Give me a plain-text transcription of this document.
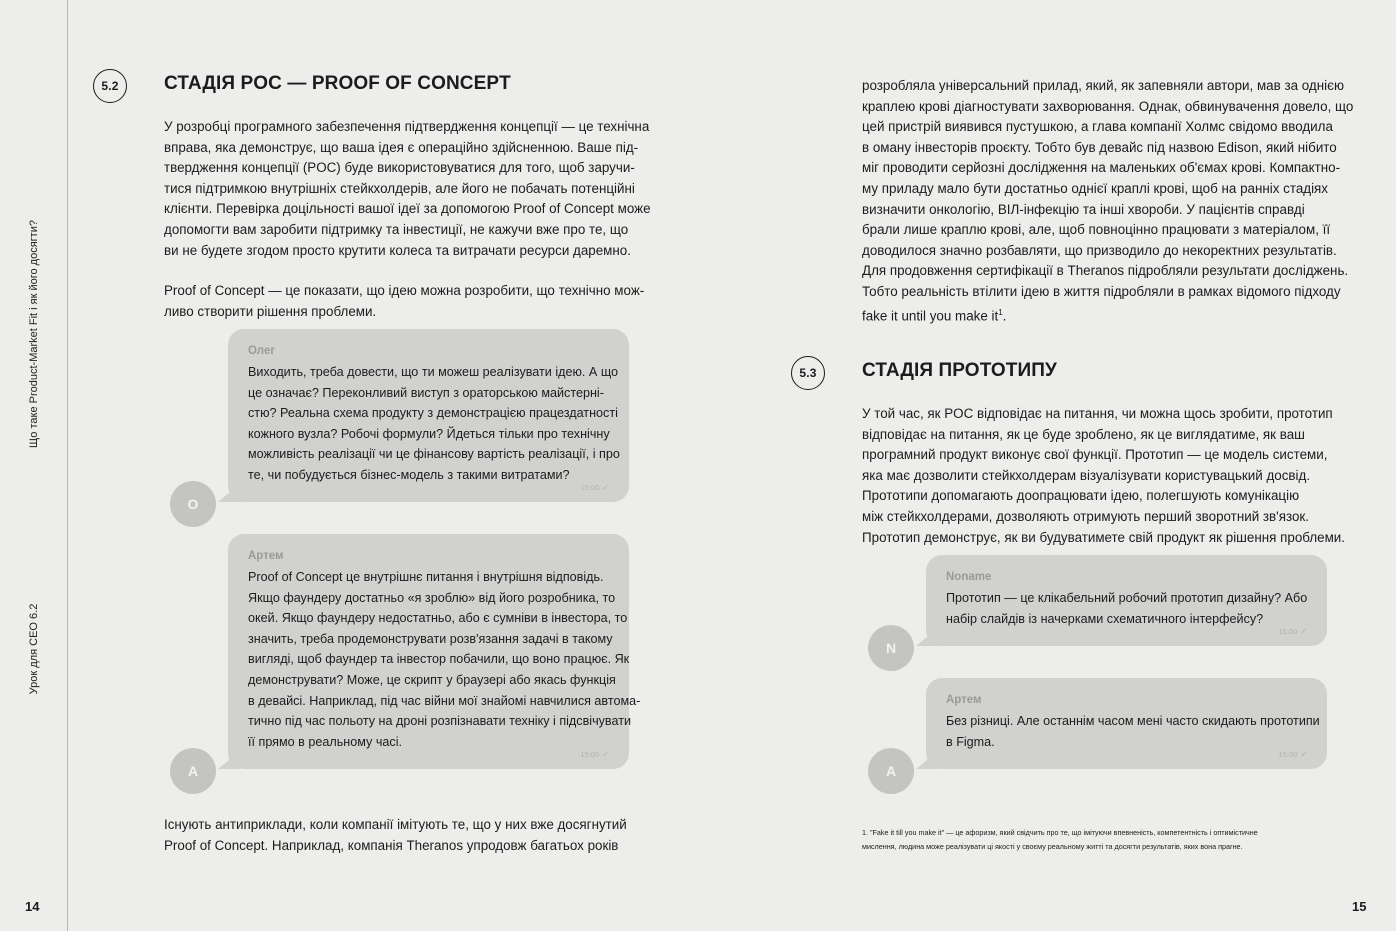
Що таке Product-Market Fit і як його досягти?
Урок для CEO 6.2
14	15
5.2	СТАДІЯ POC — PROOF OF CONCEPT
У розробці програмного забезпечення підтвердження концепції — це технічна
вправа, яка демонструє, що ваша ідея є операційно здійсненною. Ваше під-
твердження концепції (POC) буде використовуватися для того, щоб заручи-
тися підтримкою внутрішніх стейкхолдерів, але його не побачать потенційні
клієнти. Перевірка доцільності вашої ідеї за допомогою Proof of Concept може
допомогти вам заробити підтримку та інвестиції, не кажучи вже про те, що
ви не будете згодом просто крутити колеса та витрачати ресурси даремно.
Proof of Concept — це показати, що ідею можна розробити, що технічно мож-
ливо створити рішення проблеми.
Олег
Виходить, треба довести, що ти можеш реалізувати ідею. А що
це означає? Переконливий виступ з ораторською майстерні-
стю? Реальна схема продукту з демонстрацією працездатності
кожного вузла? Робочі формули? Йдеться тільки про технічну
можливість реалізації чи це фінансову вартість реалізації, і про
те, чи побудується бізнес-модель з такими витратами?
15:00 ✓
О
Артем
Proof of Concept це внутрішнє питання і внутрішня відповідь.
Якщо фаундеру достатньо «я зроблю» від його розробника, то
окей. Якщо фаундеру недостатньо, або є сумніви в інвестора, то
значить, треба продемонструвати розв'язання задачі в такому
вигляді, щоб фаундер та інвестор побачили, що воно працює. Як
демонструвати? Може, це скрипт у браузері або якась функція
в девайсі. Наприклад, під час війни мої знайомі навчилися автома-
тично під час польоту на дроні розпізнавати техніку і підсвічувати
її прямо в реальному часі.
15:00 ✓
А
Існують антиприклади, коли компанії імітують те, що у них вже досягнутий
Proof of Concept. Наприклад, компанія Theranos упродовж багатьох років
розробляла універсальний прилад, який, як запевняли автори, мав за однією
краплею крові діагностувати захворювання. Однак, обвинувачення довело, що
цей пристрій виявився пустушкою, а глава компанії Холмс свідомо вводила
в оману інвесторів проєкту. Тобто був девайс під назвою Edison, який нібито
міг проводити серйозні дослідження на маленьких об'ємах крові. Компактно-
му приладу мало бути достатньо однієї краплі крові, щоб на ранніх стадіях
визначити онкологію, ВІЛ-інфекцію та інші хвороби. У пацієнтів справді
брали лише краплю крові, але, щоб повноцінно працювати з матеріалом, її
доводилося значно розбавляти, що призводило до некоректних результатів.
Для продовження сертифікації в Theranos підробляли результати досліджень.
Тобто реальність втілити ідею в життя підробляли в рамках відомого підходу
fake it until you make $it^1$.
5.3	СТАДІЯ ПРОТОТИПУ
У той час, як POC відповідає на питання, чи можна щось зробити, прототип
відповідає на питання, як це буде зроблено, як це виглядатиме, як ваш
програмний продукт виконує свої функції. Прототип — це модель системи,
яка має дозволити стейкхолдерам візуалізувати користувацький досвід.
Прототипи допомагають доопрацювати ідею, полегшують комунікацію
між стейкхолдерами, дозволяють отримують перший зворотний зв'язок.
Прототип демонструє, як ви будуватимете свій продукт як рішення проблеми.
Noname
Прототип — це клікабельний робочий прототип дизайну? Або
набір слайдів із начерками схематичного інтерфейсу?
15:00 ✓
N
Артем
Без різниці. Але останнім часом мені часто скидають прототипи
в Figma.
15:00 ✓
А
1. "Fake it till you make it" — це афоризм, який свідчить про те, що імітуючи впевненість, компетентність і оптимістичне
мислення, людина може реалізувати ці якості у своєму реальному житті та досягти результатів, яких вона прагне.
